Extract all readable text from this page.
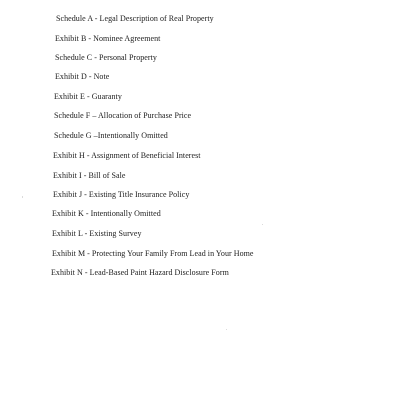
Schedule A - Legal Description of Real Property
Exhibit B - Nominee Agreement
Schedule C - Personal Property
Exhibit D - Note
Exhibit E - Guaranty
Schedule F – Allocation of Purchase Price
Schedule G –Intentionally Omitted
Exhibit H - Assignment of Beneficial Interest
Exhibit I - Bill of Sale
Exhibit J - Existing Title Insurance Policy
Exhibit K - Intentionally Omitted
Exhibit L - Existing Survey
Exhibit M - Protecting Your Family From Lead in Your Home
Exhibit N - Lead-Based Paint Hazard Disclosure Form
